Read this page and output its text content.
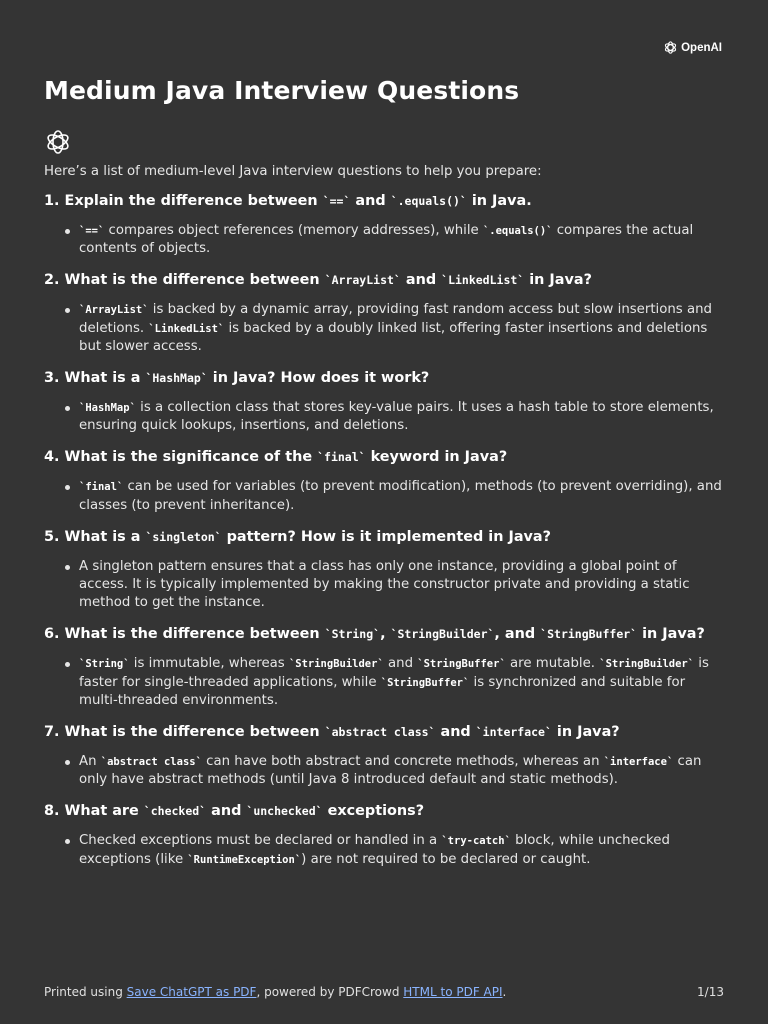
OpenAI
Medium Java Interview Questions

Here’s a list of medium-level Java interview questions to help you prepare:

1. Explain the difference between `==` and `.equals()` in Java.
`==` compares object references (memory addresses), while `.equals()` compares the actual contents of objects.
2. What is the difference between `ArrayList` and `LinkedList` in Java?
`ArrayList` is backed by a dynamic array, providing fast random access but slow insertions and deletions. `LinkedList` is backed by a doubly linked list, offering faster insertions and deletions but slower access.
3. What is a `HashMap` in Java? How does it work?
`HashMap` is a collection class that stores key-value pairs. It uses a hash table to store elements, ensuring quick lookups, insertions, and deletions.
4. What is the significance of the `final` keyword in Java?
`final` can be used for variables (to prevent modification), methods (to prevent overriding), and classes (to prevent inheritance).
5. What is a `singleton` pattern? How is it implemented in Java?
A singleton pattern ensures that a class has only one instance, providing a global point of access. It is typically implemented by making the constructor private and providing a static method to get the instance.
6. What is the difference between `String`, `StringBuilder`, and `StringBuffer` in Java?
`String` is immutable, whereas `StringBuilder` and `StringBuffer` are mutable. `StringBuilder` is faster for single-threaded applications, while `StringBuffer` is synchronized and suitable for multi-threaded environments.
7. What is the difference between `abstract class` and `interface` in Java?
An `abstract class` can have both abstract and concrete methods, whereas an `interface` can only have abstract methods (until Java 8 introduced default and static methods).
8. What are `checked` and `unchecked` exceptions?
Checked exceptions must be declared or handled in a `try-catch` block, while unchecked exceptions (like `RuntimeException`) are not required to be declared or caught.
Printed using Save ChatGPT as PDF, powered by PDFCrowd HTML to PDF API.	1/13
